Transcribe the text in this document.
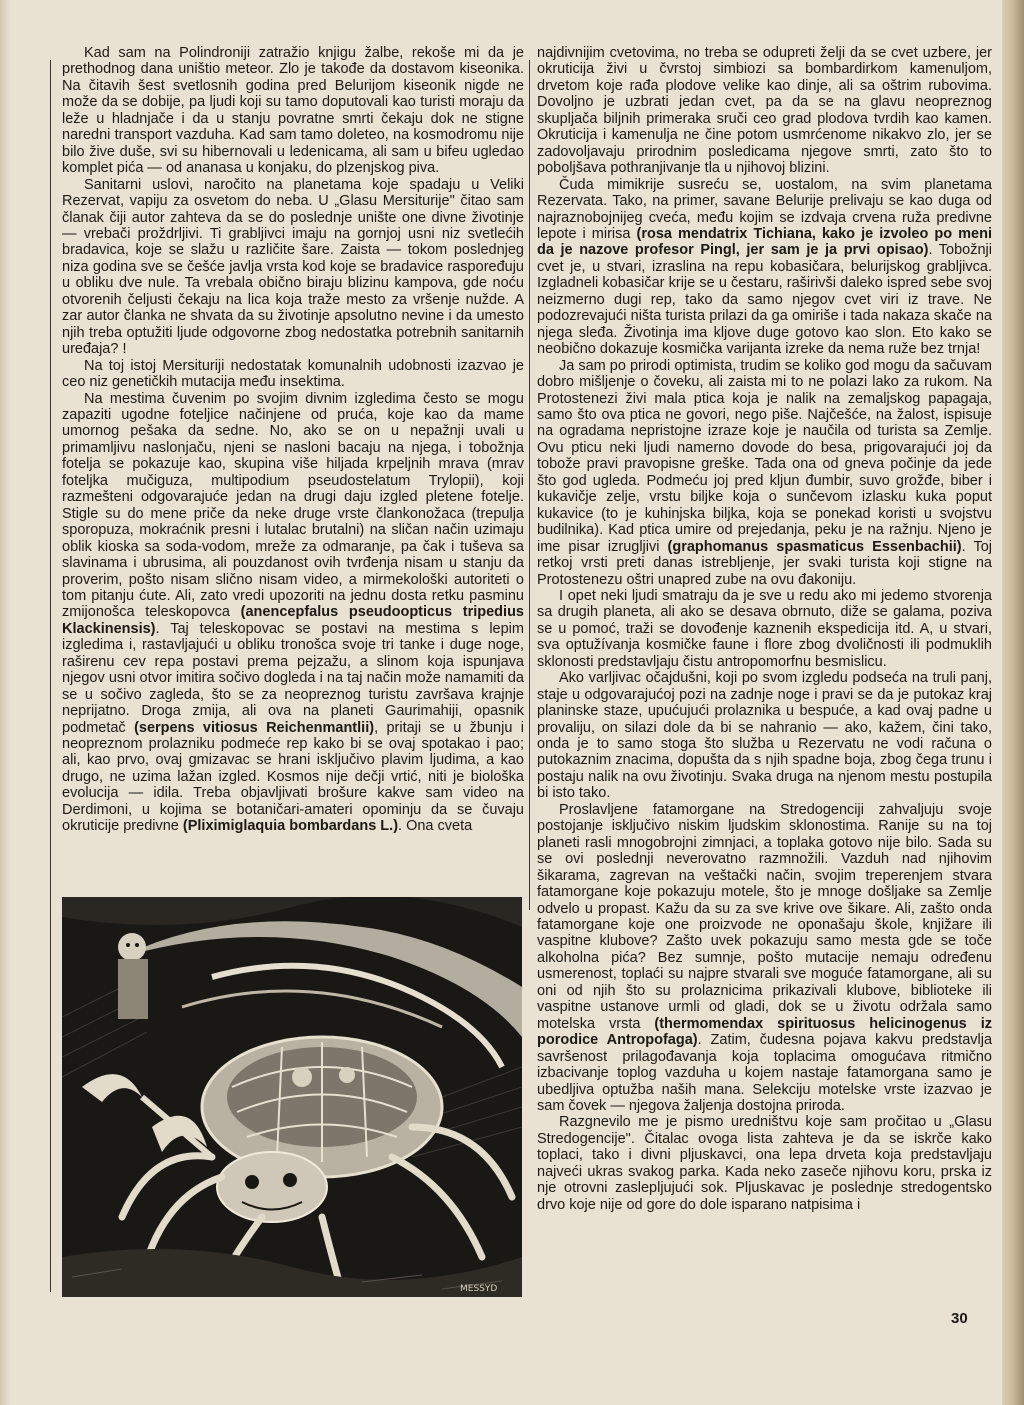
Kad sam na Polindroniji zatražio knjigu žalbe, rekoše mi da je prethodnog dana uništio meteor. Zlo je takođe da dostavom kiseonika. Na čitavih šest svetlosnih godina pred Belurijom kiseonik nigde ne može da se dobije, pa ljudi koji su tamo doputovali kao turisti moraju da leže u hladnjače i da u stanju povratne smrti čekaju dok ne stigne naredni transport vazduha. Kad sam tamo doleteo, na kosmodromu nije bilo žive duše, svi su hibernovali u ledenicama, ali sam u bifeu ugledao komplet pića — od ananasa u konjaku, do plzenjskog piva.

Sanitarni uslovi, naročito na planetama koje spadaju u Veliki Rezervat, vapiju za osvetom do neba. U „Glasu Mersiturije" čitao sam članak čiji autor zahteva da se do poslednje unište one divne životinje — vrebači proždrljivi. Ti grabljivci imaju na gornjoj usni niz svetlećih bradavica, koje se slažu u različite šare. Zaista — tokom poslednjeg niza godina sve se češće javlja vrsta kod koje se bradavice raspoređuju u obliku dve nule. Ta vrebala obično biraju blizinu kampova, gde noću otvorenih čeljusti čekaju na lica koja traže mesto za vršenje nužde. A zar autor članka ne shvata da su životinje apsolutno nevine i da umesto njih treba optužiti ljude odgovorne zbog nedostatka potrebnih sanitarnih uređaja? !

Na toj istoj Mersituriji nedostatak komunalnih udobnosti izazvao je ceo niz genetičkih mutacija među insektima.

Na mestima čuvenim po svojim divnim izgledima često se mogu zapaziti ugodne foteljice načinjene od pruća, koje kao da mame umornog pešaka da sedne. No, ako se on u nepažnji uvali u primamljivu naslonjaču, njeni se nasloni bacaju na njega, i tobožnja fotelja se pokazuje kao, skupina više hiljada krpeljnih mrava (mrav fotelјka mučiguza, multipodium pseudostelatum Trylopii), koji razmešteni odgovarajuće jedan na drugi daju izgled pletene fotelje. Stigle su do mene priče da neke druge vrste člankonožaca (trepulja sporopuza, mokraćnik presni i lutalac brutalni) na sličan način uzimaju oblik kioska sa soda-vodom, mreže za odmaranje, pa čak i tuševa sa slavinama i ubrusima, ali pouzdanost ovih tvrđenja nisam u stanju da proverim, pošto nisam slično nisam video, a mirmekološki autoriteti o tom pitanju ćute. Ali, zato vredi upozoriti na jednu dosta retku pasminu zmijonošca teleskopovca (anencepfalus pseudoopticus tripedius Klackinensis). Taj teleskopovac se postavi na mestima s lepim izgledima i, rastavljajući u obliku tronošca svoje tri tanke i duge noge, raširenu cev repa postavi prema pejzažu, a slinom koja ispunjava njegov usni otvor imitira sočivo dogleda i na taj način može namamiti da se u sočivo zagleda, što se za neopreznog turistu završava krajnje neprijatno. Droga zmija, ali ova na planeti Gaurimahiji, opasnik podmetač (serpens vitiosus Reichenmantlii), pritaji se u žbunju i neopreznom prolazniku podmeće rep kako bi se ovaj spotakao i pao; ali, kao prvo, ovaj gmizavac se hrani isključivo plavim ljudima, a kao drugo, ne uzima lažan izgled. Kosmos nije dečji vrtić, niti je biološka evolucija — idila. Treba objavljivati brošure kakve sam video na Derdimoni, u kojima se botaničari-amateri opominju da se čuvaju okruticije predivne (Pliximiglaquia bombardans L.). Ona cveta

najdivnijim cvetovima, no treba se odupreti želji da se cvet uzbere, jer okruticija živi u čvrstoj simbiozi sa bombardirkom kamenuljom, drvetom koje rađa plodove velike kao dinje, ali sa oštrim rubovima. Dovoljno je uzbrati jedan cvet, pa da se na glavu neopreznog skupljača biljnih primeraka sruči ceo grad plodova tvrdih kao kamen. Okruticija i kamenulja ne čine potom usmrćenome nikakvo zlo, jer se zadovoljavaju prirodnim posledicama njegove smrti, zato što to poboljšava pothranjivanje tla u njihovoj blizini.

Čuda mimikrije susreću se, uostalom, na svim planetama Rezervata. Tako, na primer, savane Belurije prelivaju se kao duga od najraznobojnijeg cveća, među kojim se izdvaja crvena ruža predivne lepote i mirisa (rosa mendatrix Tichiana, kako je izvoleo po meni da je nazove profesor Pingl, jer sam je ja prvi opisao). Tobožnji cvet je, u stvari, izraslina na repu kobasičara, belurijskog grabljivca. Izgladneli kobasičar krije se u čestaru, raširivši daleko ispred sebe svoj neizmerno dugi rep, tako da samo njegov cvet viri iz trave. Ne podozrevajući ništa turista prilazi da ga omiriše i tada nakaza skače na njega sleđa. Životinja ima kljove duge gotovo kao slon. Eto kako se neobično dokazuje kosmička varijanta izreke da nema ruže bez trnja!

Ja sam po prirodi optimista, trudim se koliko god mogu da sačuvam dobro mišljenje o čoveku, ali zaista mi to ne polazi lako za rukom. Na Protostenezi živi mala ptica koja je nalik na zemaljskog papagaja, samo što ova ptica ne govori, nego piše. Najčešće, na žalost, ispisuje na ogradama nepristojne izraze koje je naučila od turista sa Zemlje. Ovu pticu neki ljudi namerno dovode do besa, prigovarajući joj da tobože pravi pravopisne greške. Tada ona od gneva počinje da jede što god ugleda. Podmeću joj pred kljun đumbir, suvo grožđe, biber i kukavičje zelje, vrstu biljke koja o sunčevom izlasku kuka poput kukavice (to je kuhinjska biljka, koja se ponekad koristi u svojstvu budilnika). Kad ptica umire od prejedanja, peku je na ražnju. Njeno je ime pisar izrugljivi (graphomanus spasmaticus Essenbachii). Toj retkoj vrsti preti danas istrebljenje, jer svaki turista koji stigne na Protostenezu oštri unapred zube na ovu đakoniju.

I opet neki ljudi smatraju da je sve u redu ako mi jedemo stvorenja sa drugih planeta, ali ako se desava obrnuto, diže se galama, poziva se u pomoć, traži se dovođenje kaznenih ekspedicija itd. A, u stvari, sva optužívanja kosmičke faune i flore zbog dvoličnosti ili podmuklih sklonosti predstavljaju čistu antropomorfnu besmislicu.

Ako varljivac očajdušni, koji po svom izgledu podseća na truli panj, staje u odgovarajućoj pozi na zadnje noge i pravi se da je putokaz kraj planinske staze, upućujući prolaznika u bespuće, a kad ovaj padne u provaliju, on silazi dole da bi se nahranio — ako, kažem, čini tako, onda je to samo stoga što služba u Rezervatu ne vodi računa o putokaznim znacima, dopušta da s njih spadne boja, zbog čega trunu i postaju nalik na ovu životinju. Svaka druga na njenom mestu postupila bi isto tako.

Proslavljene fatamorgane na Stredogenciji zahvaljuju svoje postojanje isključivo niskim ljudskim sklonostima. Ranije su na toj planeti rasli mnogobrojni zimnjaci, a toplaka gotovo nije bilo. Sada su se ovi poslednji neverovatno razmnožili. Vazduh nad njihovim šikarama, zagrevan na veštački način, svojim treperenjem stvara fatamorgane koje pokazuju motele, što je mnoge došljake sa Zemlje odvelo u propast. Kažu da su za sve krive ove šikare. Ali, zašto onda fatamorgane koje one proizvode ne oponašaju škole, knjižare ili vaspitne klubove? Zašto uvek pokazuju samo mesta gde se toče alkoholna pića? Bez sumnje, pošto mutacije nemaju određenu usmerenost, toplaći su najpre stvarali sve moguće fatamorgane, ali su oni od njih što su prolaznicima prikazivali klubove, biblioteke ili vaspitne ustanove urmli od gladi, dok se u životu održala samo motelska vrsta (thermomendax spirituosus helicinogenus iz porodice Antropofaga). Zatim, čudesna pojava kakvu predstavlja savršenost prilagođavanja koja toplacima omogućava ritmično izbacivanje toplog vazduha u kojem nastaje fatamorgana samo je ubedljiva optužba naših mana. Selekciju motelske vrste izazvao je sam čovek — njegova žaljenja dostojna priroda.

Razgnevilo me je pismo uredništvu koje sam pročitao u „Glasu Stredogencije". Čitalac ovoga lista zahteva je da se iskrče kako toplaci, tako i divni pljuskavci, ona lepa drveta koja predstavljaju najveći ukras svakog parka. Kada neko zaseče njihovu koru, prska iz nje otrovni zaslepljujući sok. Pljuskavac je poslednje stredogentsko drvo koje nije od gore do dole isparano natpisima i

MESSYD
30
